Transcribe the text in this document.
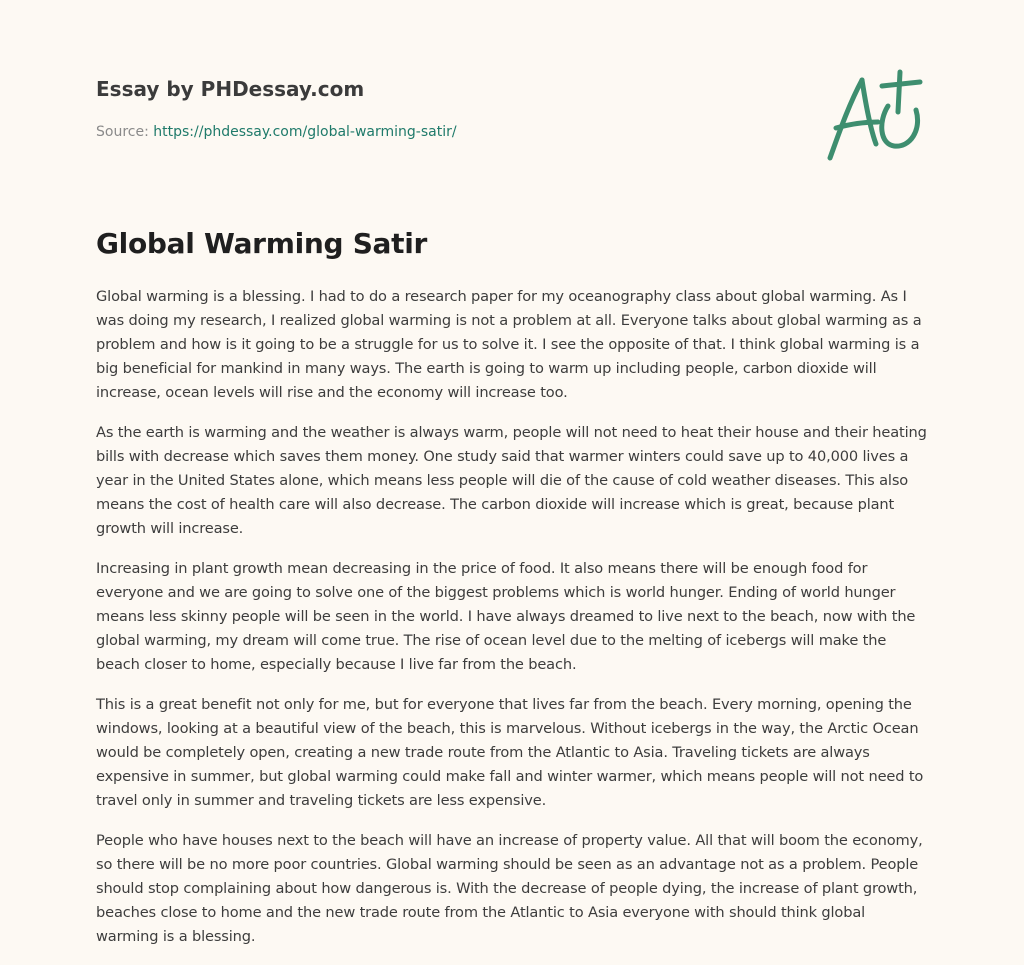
Essay by PHDessay.com
Source: https://phdessay.com/global-warming-satir/
Global Warming Satir

Global warming is a blessing. I had to do a research paper for my oceanography class about global warming. As I was doing my research, I realized global warming is not a problem at all. Everyone talks about global warming as a problem and how is it going to be a struggle for us to solve it. I see the opposite of that. I think global warming is a big beneficial for mankind in many ways. The earth is going to warm up including people, carbon dioxide will increase, ocean levels will rise and the economy will increase too.

As the earth is warming and the weather is always warm, people will not need to heat their house and their heating bills with decrease which saves them money. One study said that warmer winters could save up to 40,000 lives a year in the United States alone, which means less people will die of the cause of cold weather diseases. This also means the cost of health care will also decrease. The carbon dioxide will increase which is great, because plant growth will increase.

Increasing in plant growth mean decreasing in the price of food. It also means there will be enough food for everyone and we are going to solve one of the biggest problems which is world hunger. Ending of world hunger means less skinny people will be seen in the world. I have always dreamed to live next to the beach, now with the global warming, my dream will come true. The rise of ocean level due to the melting of icebergs will make the beach closer to home, especially because I live far from the beach.

This is a great benefit not only for me, but for everyone that lives far from the beach. Every morning, opening the windows, looking at a beautiful view of the beach, this is marvelous. Without icebergs in the way, the Arctic Ocean would be completely open, creating a new trade route from the Atlantic to Asia. Traveling tickets are always expensive in summer, but global warming could make fall and winter warmer, which means people will not need to travel only in summer and traveling tickets are less expensive.

People who have houses next to the beach will have an increase of property value. All that will boom the economy, so there will be no more poor countries. Global warming should be seen as an advantage not as a problem. People should stop complaining about how dangerous is. With the decrease of people dying, the increase of plant growth, beaches close to home and the new trade route from the Atlantic to Asia everyone with should think global warming is a blessing.
